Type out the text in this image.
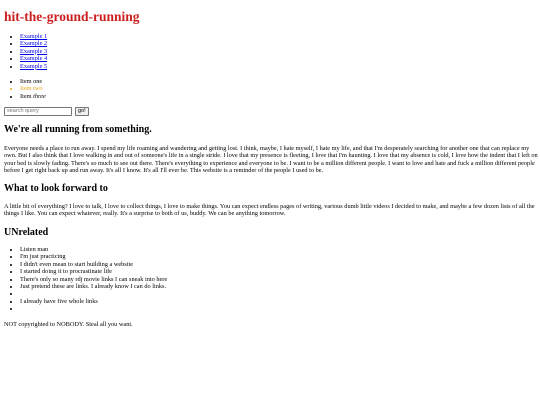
hit-the-ground-running
• Example 1
• Example 2
• Example 3
• Example 4
• Example 5
• Item one
• Item two
• Item three
search query
go!
We're all running from something.

Everyone needs a place to run away. I spend my life roaming and wandering and getting lost. I think, maybe, I hate myself, I hate my life, and that I'm desperately searching for another one that can replace my own. But I also think that I love walking in and out of someone's life in a single stride. I love that my presence is fleeting, I love that I'm haunting. I love that my absence is cold, I love how the indent that I left on your bed is slowly fading. There's so much to see out there. There's everything to experience and everyone to be. I want to be a million different people. I want to love and hate and fuck a million different people before I get right back up and run away. It's all I know. It's all I'll ever be. This website is a reminder of the people I used to be.

What to look forward to

A little bit of everything? I love to talk, I love to collect things, I love to make things. You can expect endless pages of writing, various dumb little videos I decided to make, and maybe a few dozen lists of all the things I like. You can expect whatever, really. It's a surprise to both of us, buddy. We can be anything tomorrow.

UNrelated
• Listen man
• I'm just practicing
• I didn't even mean to start building a website
• I started doing it to procrastinate life
• There's only so many rdj movie links I can sneak into here
• Just pretend these are links. I already know I can do links.
•
• I already have five whole links
•

NOT copyrighted to NOBODY. Steal all you want.
